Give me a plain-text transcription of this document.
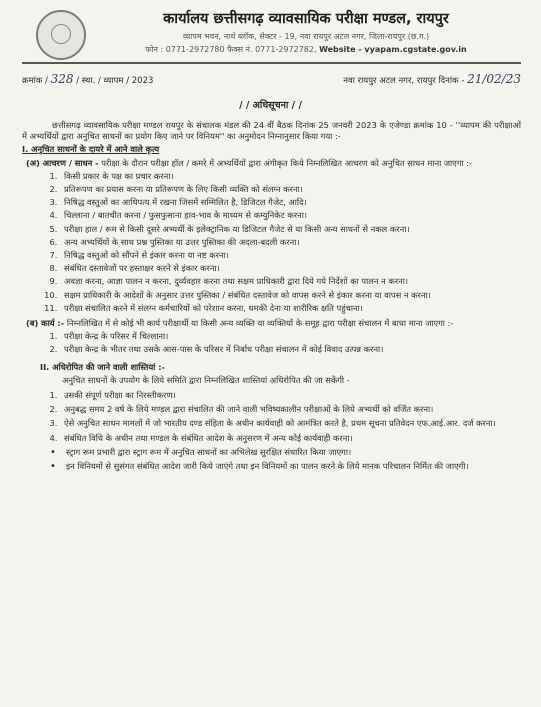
कार्यालय छत्तीसगढ़ व्यावसायिक परीक्षा मण्डल, रायपुर
व्यापम भवन, नार्थ ब्लॉक, सेक्टर - 19, नवा रायपुर अटल नगर, जिला-रायपुर (छ.ग.)
फोन : 0771-2972780 फैक्स नं. 0771-2972782, Website - vyapam.cgstate.gov.in
क्रमांक / 328 / स्था. / व्यापम / 2023	नवा रायपुर अटल नगर, रायपुर दिनांक - 21/02/23
/ / अधिसूचना / /

छत्तीसगढ़ व्यावसायिक परीक्षा मण्डल रायपुर के संचालक मंडल की 24 वीं बैठक दिनांक 25 जनवरी 2023 के एजेण्डा क्रमांक 10 - ''व्यापम की परीक्षाओं में अभ्यर्थियों द्वारा अनुचित साधनों का प्रयोग किए जाने पर विनियम'' का अनुमोदन निम्नानुसार किया गया :-

I. अनुचित साधनों के दायरे में आने वाले कृत्य
(अ) आचरण / साधन - परीक्षा के दौरान परीक्षा हॉल / कमरे में अभ्यर्थियों द्वारा अंगीकृत किये निम्नलिखित आचरण को अनुचित साधन माना जाएगा :-
1. किसी प्रकार के पक्ष का प्रचार करना।
2. प्रतिरूपण का प्रयास करना या प्रतिरूपण के लिए किसी व्यक्ति को संलग्न करना।
3. निषिद्ध वस्तुओं का आधिपत्य में रखना जिसमें सम्मिलित है, डिजिटल गैजेट, आदि।
4. चिल्लाना / बातचीत करना / फुसफुसाना हाव-भाव के माध्यम से कम्युनिकेट करना।
5. परीक्षा हाल / रूम से किसी दूसरे अभ्यर्थी के इलेक्ट्रानिक या डिजिटल गैजेट से या किसी अन्य साधनों से नकल करना।
6. अन्य अभ्यर्थियों के साथ प्रश्न पुस्तिका या उत्तर पुस्तिका की अदला-बदली करना।
7. निषिद्ध वस्तुओं को सौंपने से इंकार करना या नष्ट करना।
8. संबंधित दस्तावेजों पर हस्ताक्षर करने से इंकार करना।
9. अवज्ञा करना, आज्ञा पालन न करना, दुर्व्यवहार करना तथा सक्षम प्राधिकारी द्वारा दिये गये निर्देशों का पालन न करना।
10. सक्षम प्राधिकारी के आदेशों के अनुसार उत्तर पुस्तिका / संबंधित दस्तावेज को वापस करने से इंकार करना या वापस न करना।
11. परीक्षा संचालित करने में संलग्न कर्मचारियों को परेशान करना, धमकी देना या शारीरिक क्षति पहुंचाना।
(ब) कार्य :- निम्नलिखित में से कोई भी कार्य परीक्षार्थी या किसी अन्य व्यक्ति या व्यक्तियों के समूह द्वारा परीक्षा संचालन में बाधा माना जाएगा :-
1. परीक्षा केन्द्र के परिसर में चिल्लाना।
2. परीक्षा केन्द्र के भीतर तथा उसके आस-पास के परिसर में निर्बाध परीक्षा संचालन में कोई विवाद उत्पन्न करना।
II. अधिरोपित की जाने वाली शास्तियां :-
अनुचित साधनों के उपयोग के लिये समिति द्वारा निम्नलिखित शास्तियां अधिरोपित की जा सकेंगी -
1. उसकी संपूर्ण परीक्षा का निरस्तीकरण।
2. अनुबद्ध समय 2 वर्ष के लिये मण्डल द्वारा संचालित की जाने वाली भविष्यकालीन परीक्षाओं के लिये अभ्यर्थी को वर्जित करना।
3. ऐसे अनुचित साधन मामलों में जो भारतीय दण्ड संहिता के अधीन कार्यवाही को आमंत्रित करते है, प्रथम सूचना प्रतिवेदन एफ.आई.आर. दर्ज करना।
4. संबंधित विधि के अधीन तथा मण्डल के संबंधित आदेश के अनुसरण में अन्य कोई कार्यवाही करना।
• स्ट्राग रूम प्रभारी द्वारा स्ट्राग रूम में अनुचित साधनों का अभिलेख सुरक्षित संधारित किया जाएगा।
• इन विनियमों से सुसंगत संबंधित आदेश जारी किये जाएंगे तथा इन विनियमों का पालन करने के लिये मानक परिचालन निर्मित की जाएगी।
